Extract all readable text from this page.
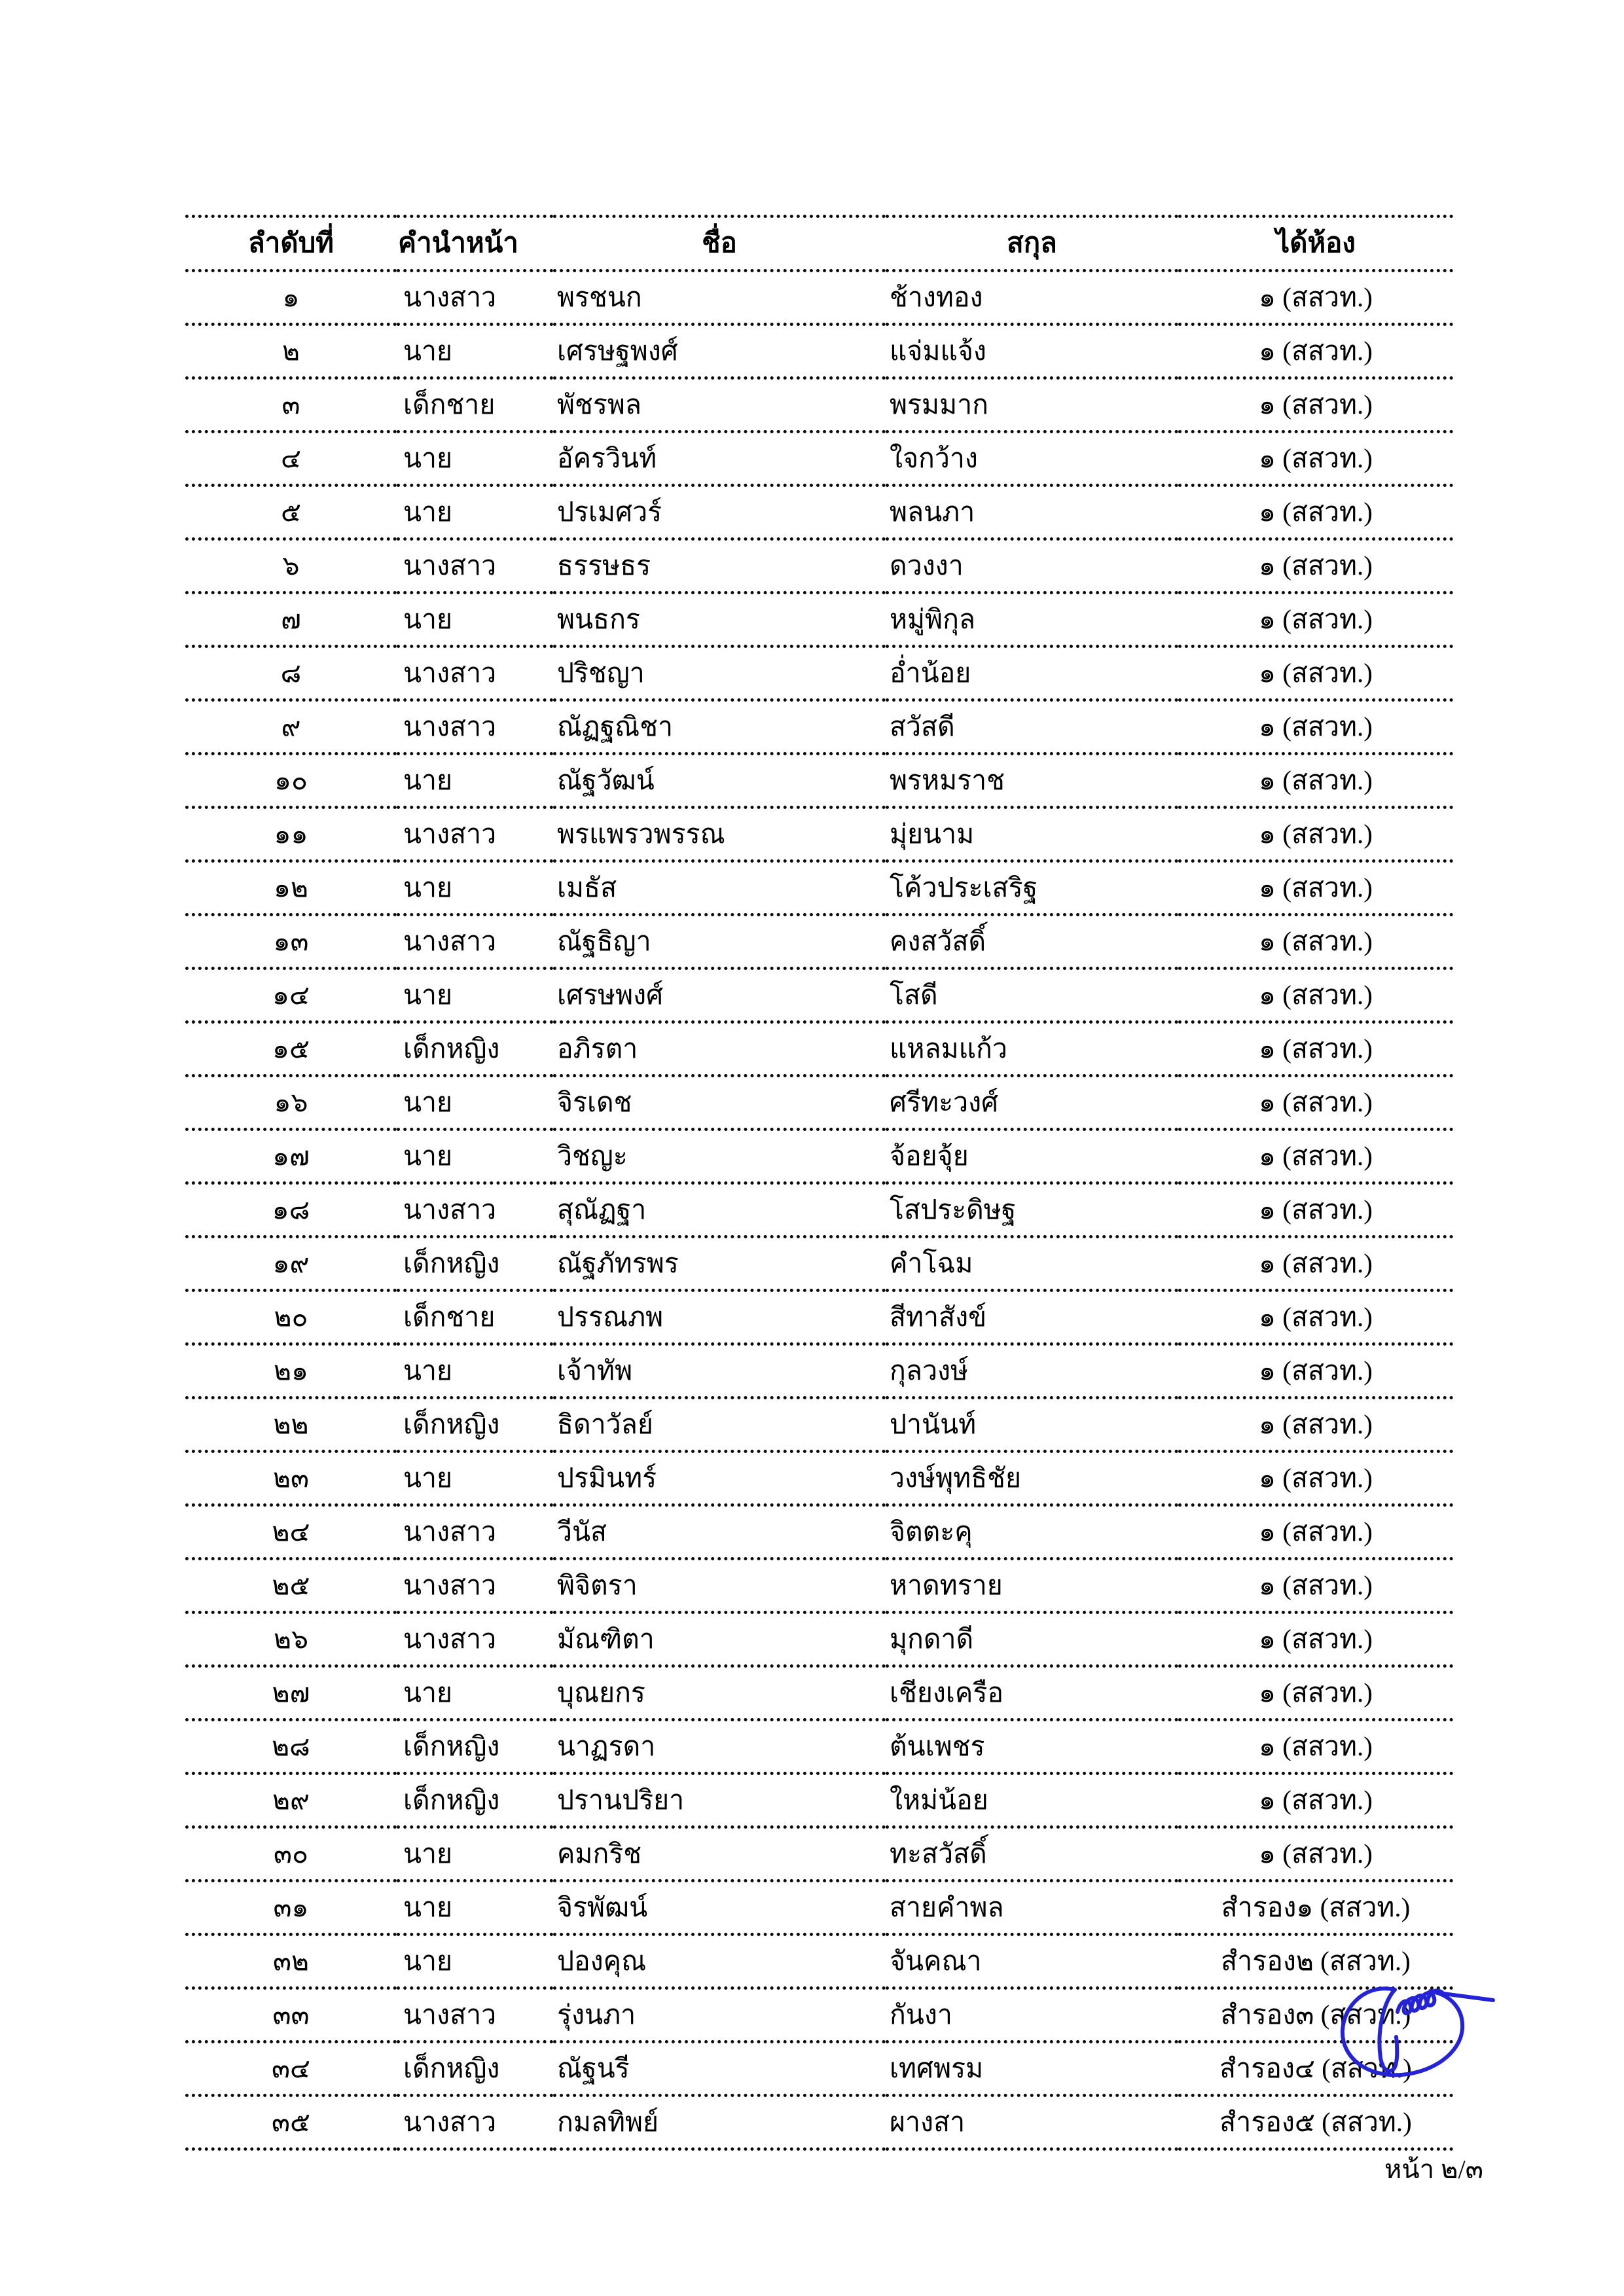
ลำดับที่	คำนำหน้า	ชื่อ	สกุล	ได้ห้อง
๑	นางสาว	พรชนก	ช้างทอง	๑ (สสวท.)
๒	นาย	เศรษฐพงศ์	แจ่มแจ้ง	๑ (สสวท.)
๓	เด็กชาย	พัชรพล	พรมมาก	๑ (สสวท.)
๔	นาย	อัครวินท์	ใจกว้าง	๑ (สสวท.)
๕	นาย	ปรเมศวร์	พลนภา	๑ (สสวท.)
๖	นางสาว	ธรรษธร	ดวงงา	๑ (สสวท.)
๗	นาย	พนธกร	หมู่พิกุล	๑ (สสวท.)
๘	นางสาว	ปริชญา	อ่ำน้อย	๑ (สสวท.)
๙	นางสาว	ณัฏฐณิชา	สวัสดี	๑ (สสวท.)
๑๐	นาย	ณัฐวัฒน์	พรหมราช	๑ (สสวท.)
๑๑	นางสาว	พรแพรวพรรณ	มุ่ยนาม	๑ (สสวท.)
๑๒	นาย	เมธัส	โค้วประเสริฐ	๑ (สสวท.)
๑๓	นางสาว	ณัฐธิญา	คงสวัสดิ์	๑ (สสวท.)
๑๔	นาย	เศรษพงศ์	โสดี	๑ (สสวท.)
๑๕	เด็กหญิง	อภิรตา	แหลมแก้ว	๑ (สสวท.)
๑๖	นาย	จิรเดช	ศรีทะวงศ์	๑ (สสวท.)
๑๗	นาย	วิชญะ	จ้อยจุ้ย	๑ (สสวท.)
๑๘	นางสาว	สุณัฏฐา	โสประดิษฐ	๑ (สสวท.)
๑๙	เด็กหญิง	ณัฐภัทรพร	คำโฉม	๑ (สสวท.)
๒๐	เด็กชาย	ปรรณภพ	สีทาสังข์	๑ (สสวท.)
๒๑	นาย	เจ้าทัพ	กุลวงษ์	๑ (สสวท.)
๒๒	เด็กหญิง	ธิดาวัลย์	ปานันท์	๑ (สสวท.)
๒๓	นาย	ปรมินทร์	วงษ์พุทธิชัย	๑ (สสวท.)
๒๔	นางสาว	วีนัส	จิตตะคุ	๑ (สสวท.)
๒๕	นางสาว	พิจิตรา	หาดทราย	๑ (สสวท.)
๒๖	นางสาว	มัณฑิตา	มุกดาดี	๑ (สสวท.)
๒๗	นาย	บุณยกร	เชียงเครือ	๑ (สสวท.)
๒๘	เด็กหญิง	นาฏรดา	ต้นเพชร	๑ (สสวท.)
๒๙	เด็กหญิง	ปรานปริยา	ใหม่น้อย	๑ (สสวท.)
๓๐	นาย	คมกริช	ทะสวัสดิ์	๑ (สสวท.)
๓๑	นาย	จิรพัฒน์	สายคำพล	สำรอง๑ (สสวท.)
๓๒	นาย	ปองคุณ	จันคณา	สำรอง๒ (สสวท.)
๓๓	นางสาว	รุ่งนภา	กันงา	สำรอง๓ (สสวท.)
๓๔	เด็กหญิง	ณัฐนรี	เทศพรม	สำรอง๔ (สสวท.)
๓๕	นางสาว	กมลทิพย์	ผางสา	สำรอง๕ (สสวท.)
หน้า ๒/๓
